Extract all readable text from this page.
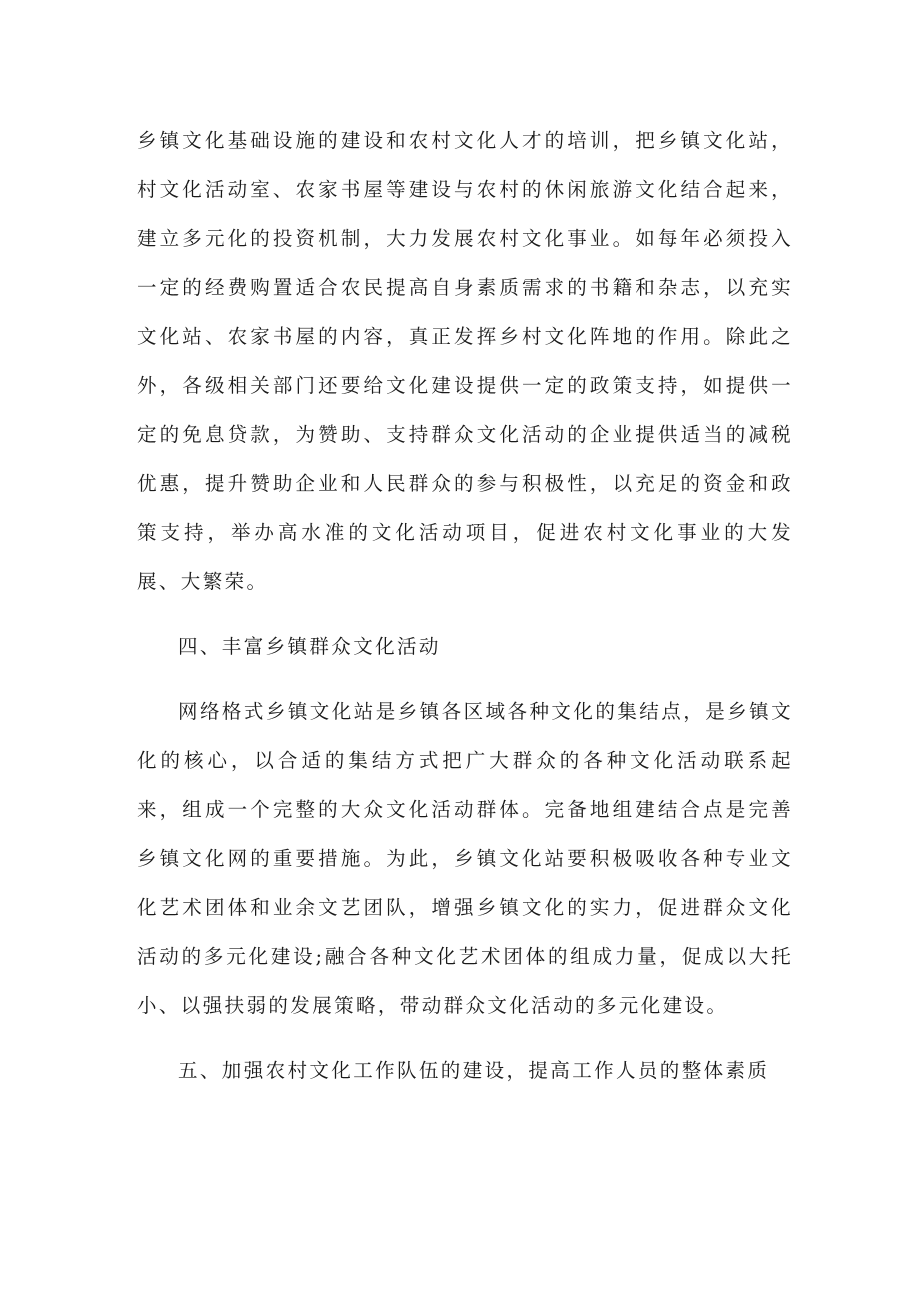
乡镇文化基础设施的建设和农村文化人才的培训，把乡镇文化站，村文化活动室、农家书屋等建设与农村的休闲旅游文化结合起来，建立多元化的投资机制，大力发展农村文化事业。如每年必须投入一定的经费购置适合农民提高自身素质需求的书籍和杂志，以充实文化站、农家书屋的内容，真正发挥乡村文化阵地的作用。除此之外，各级相关部门还要给文化建设提供一定的政策支持，如提供一定的免息贷款，为赞助、支持群众文化活动的企业提供适当的减税优惠，提升赞助企业和人民群众的参与积极性，以充足的资金和政策支持，举办高水准的文化活动项目，促进农村文化事业的大发展、大繁荣。

四、丰富乡镇群众文化活动

网络格式乡镇文化站是乡镇各区域各种文化的集结点，是乡镇文化的核心，以合适的集结方式把广大群众的各种文化活动联系起来，组成一个完整的大众文化活动群体。完备地组建结合点是完善乡镇文化网的重要措施。为此，乡镇文化站要积极吸收各种专业文化艺术团体和业余文艺团队，增强乡镇文化的实力，促进群众文化活动的多元化建设;融合各种文化艺术团体的组成力量，促成以大托小、以强扶弱的发展策略，带动群众文化活动的多元化建设。

五、加强农村文化工作队伍的建设，提高工作人员的整体素质
